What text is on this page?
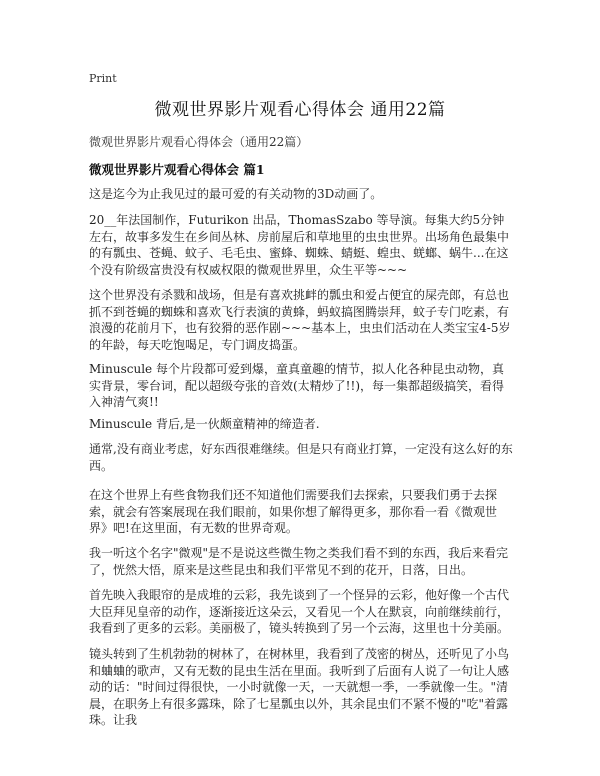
Print
微观世界影片观看心得体会 通用22篇
微观世界影片观看心得体会（通用22篇）
微观世界影片观看心得体会 篇1

这是迄今为止我见过的最可爱的有关动物的3D动画了。

20__年法国制作，Futurikon 出品，ThomasSzabo 等导演。每集大约5分钟左右，故事多发生在乡间丛林、房前屋后和草地里的虫虫世界。出场角色最集中的有瓢虫、苍蝇、蚊子、毛毛虫、蜜蜂、蜘蛛、蜻蜓、蝗虫、蜣螂、蜗牛...在这个没有阶级富贵没有权威权限的微观世界里，众生平等~~~

这个世界没有杀戮和战场，但是有喜欢挑衅的瓢虫和爱占便宜的屎壳郎，有总也抓不到苍蝇的蜘蛛和喜欢飞行表演的黄蜂，蚂蚁搞图腾崇拜，蚊子专门吃素，有浪漫的花前月下，也有狡猾的恶作剧~~~基本上，虫虫们活动在人类宝宝4-5岁的年龄，每天吃饱喝足，专门调皮捣蛋。

Minuscule 每个片段都可爱到爆，童真童趣的情节，拟人化各种昆虫动物，真实背景，零台词，配以超级夸张的音效(太精炒了!!)，每一集都超级搞笑，看得入神清气爽!!

Minuscule 背后,是一伙颇童精神的缔造者.

通常,没有商业考虑，好东西很难继续。但是只有商业打算，一定没有这么好的东西。

在这个世界上有些食物我们还不知道他们需要我们去探索，只要我们勇于去探索，就会有答案展现在我们眼前，如果你想了解得更多，那你看一看《微观世界》吧!在这里面，有无数的世界奇观。

我一听这个名字"微观"是不是说这些微生物之类我们看不到的东西，我后来看完了，恍然大悟，原来是这些昆虫和我们平常见不到的花开，日落，日出。

首先映入我眼帘的是成堆的云彩，我先谈到了一个怪异的云彩，他好像一个古代大臣拜见皇帝的动作，逐渐接近这朵云，又看见一个人在默哀，向前继续前行，我看到了更多的云彩。美丽极了，镜头转换到了另一个云海，这里也十分美丽。

镜头转到了生机勃勃的树林了，在树林里，我看到了茂密的树丛，还听见了小鸟和蛐蛐的歌声，又有无数的昆虫生活在里面。我听到了后面有人说了一句让人感动的话："时间过得很快，一小时就像一天，一天就想一季，一季就像一生。"清晨，在职务上有很多露珠，除了七星瓢虫以外，其余昆虫们不紧不慢的"吃"着露珠。让我
